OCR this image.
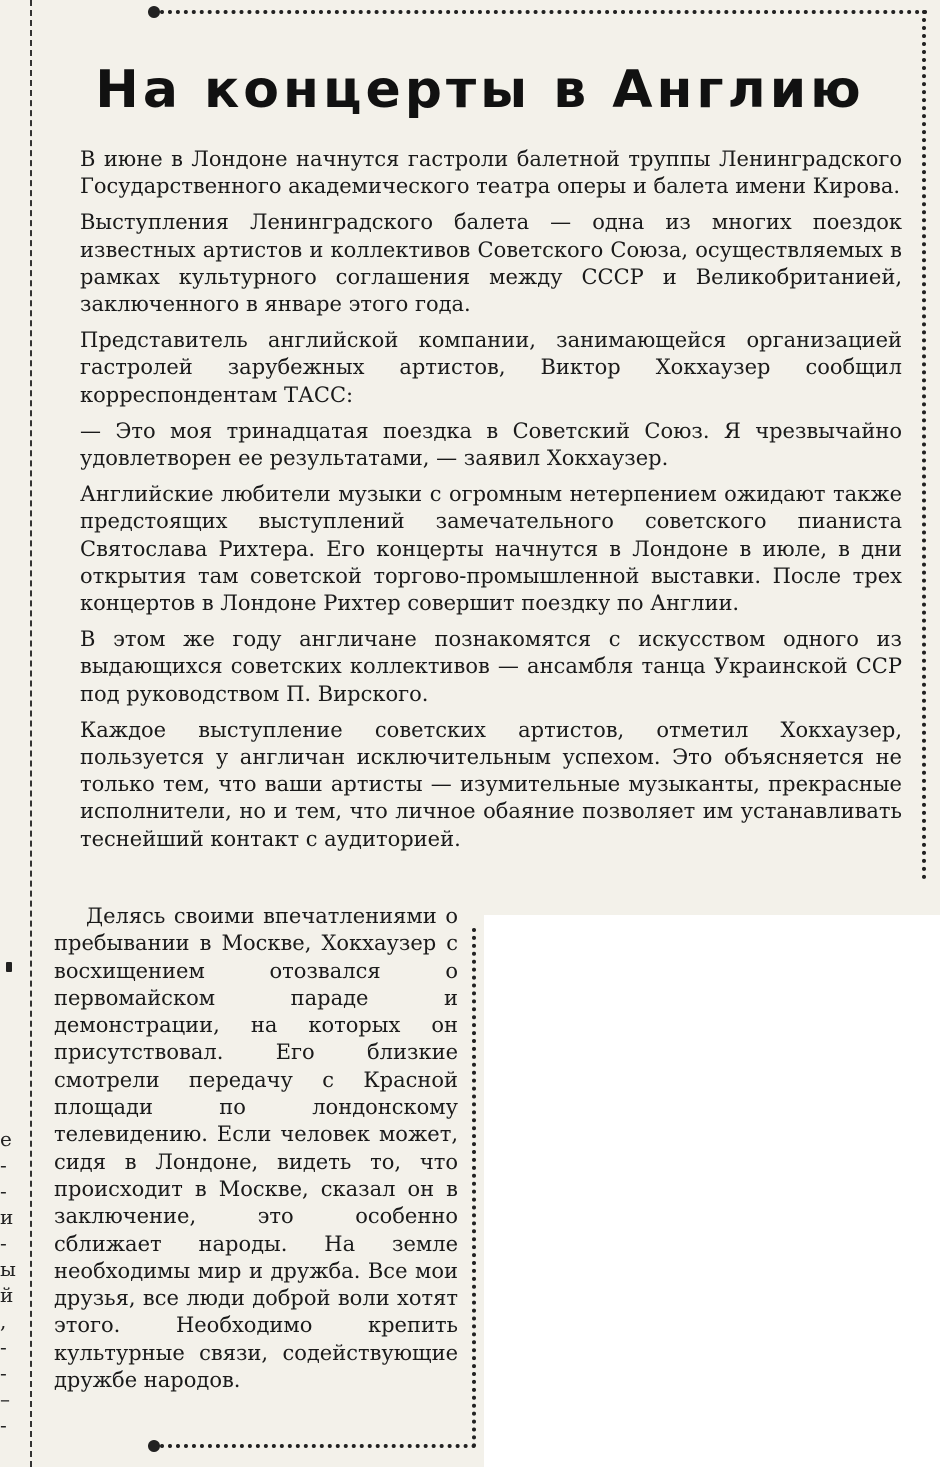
е
-
-
и
-
ы
й
,
-
-
–
-
На концерты в Англию

В июне в Лондоне начнутся гастроли балетной труппы Ленинградского Государственного академического театра оперы и балета имени Кирова.

Выступления Ленинградского балета — одна из многих поездок известных артистов и коллективов Советского Союза, осуществляемых в рамках культурного соглашения между СССР и Великобританией, заключенного в январе этого года.

Представитель английской компании, занимающейся организацией гастролей зарубежных артистов, Виктор Хокхаузер сообщил корреспондентам ТАСС:

— Это моя тринадцатая поездка в Советский Союз. Я чрезвычайно удовлетворен ее результатами, — заявил Хокхаузер.

Английские любители музыки с огромным нетерпением ожидают также предстоящих выступлений замечательного советского пианиста Святослава Рихтера. Его концерты начнутся в Лондоне в июле, в дни открытия там советской торгово-промышленной выставки. После трех концертов в Лондоне Рихтер совершит поездку по Англии.

В этом же году англичане познакомятся с искусством одного из выдающихся советских коллективов — ансамбля танца Украинской ССР под руководством П. Вирского.

Каждое выступление советских артистов, отметил Хокхаузер, пользуется у англичан исключительным успехом. Это объясняется не только тем, что ваши артисты — изумительные музыканты, прекрасные исполнители, но и тем, что личное обаяние позволяет им устанавливать теснейший контакт с аудиторией.

Делясь своими впечатлениями о пребывании в Москве, Хокхаузер с восхищением отозвался о первомайском параде и демонстрации, на которых он присутствовал. Его близкие смотрели передачу с Красной площади по лондонскому телевидению. Если человек может, сидя в Лондоне, видеть то, что происходит в Москве, сказал он в заключение, это особенно сближает народы. На земле необходимы мир и дружба. Все мои друзья, все люди доброй воли хотят этого. Необходимо крепить культурные связи, содействующие дружбе народов.
